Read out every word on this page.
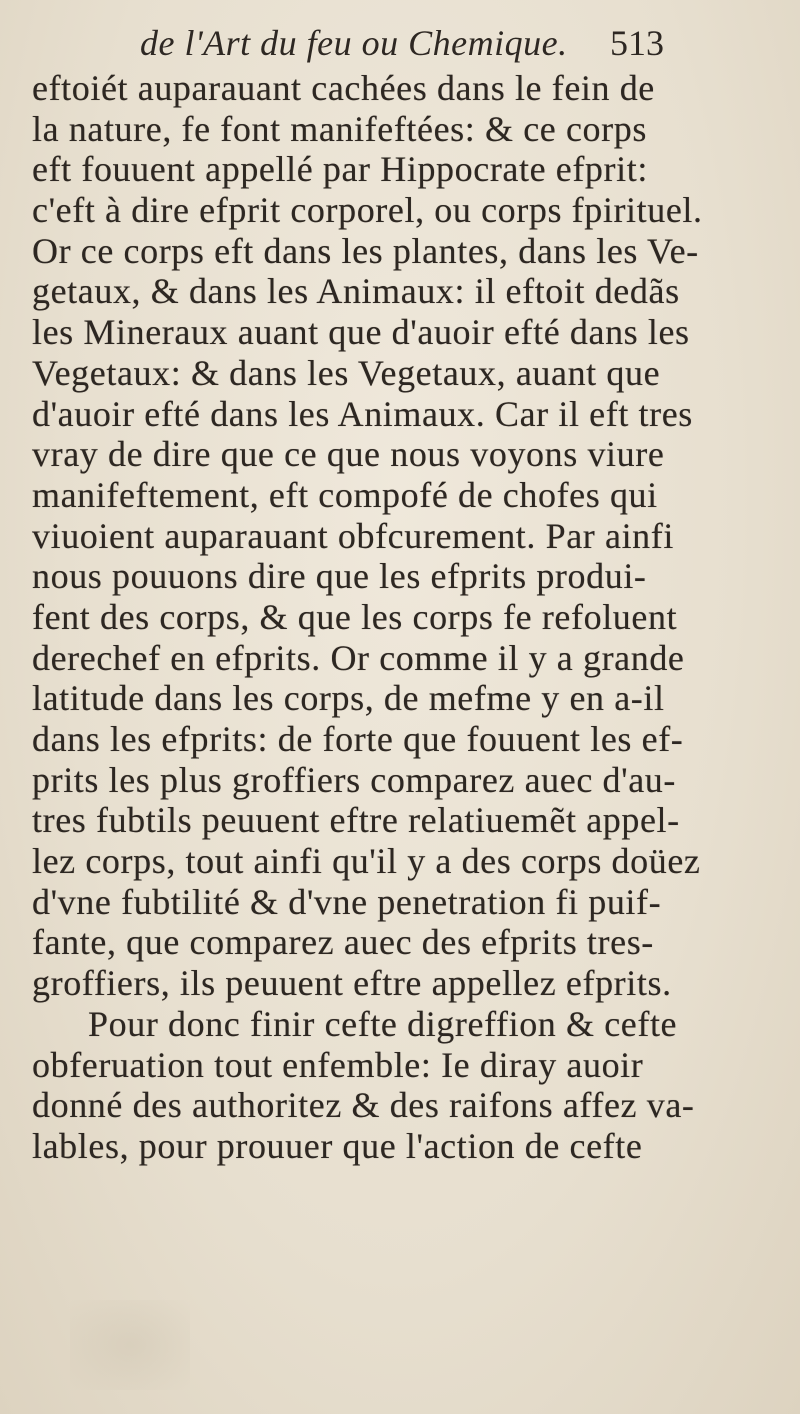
de l'Art du feu ou Chemique. 513
eftoiét auparauant cachées dans le fein de
la nature, fe font manifeftées: & ce corps
eft fouuent appellé par Hippocrate efprit:
c'eft à dire efprit corporel, ou corps fpirituel.
Or ce corps eft dans les plantes, dans les Ve-
getaux, & dans les Animaux: il eftoit dedãs
les Mineraux auant que d'auoir efté dans les
Vegetaux: & dans les Vegetaux, auant que
d'auoir efté dans les Animaux. Car il eft tres
vray de dire que ce que nous voyons viure
manifeftement, eft compofé de chofes qui
viuoient auparauant obfcurement. Par ainfi
nous pouuons dire que les efprits produi-
fent des corps, & que les corps fe refoluent
derechef en efprits. Or comme il y a grande
latitude dans les corps, de mefme y en a-il
dans les efprits: de forte que fouuent les ef-
prits les plus groffiers comparez auec d'au-
tres fubtils peuuent eftre relatiuemẽt appel-
lez corps, tout ainfi qu'il y a des corps doüez
d'vne fubtilité & d'vne penetration fi puif-
fante, que comparez auec des efprits tres-
groffiers, ils peuuent eftre appellez efprits.
Pour donc finir cefte digreffion & cefte
obferuation tout enfemble: Ie diray auoir
donné des authoritez & des raifons affez va-
lables, pour prouuer que l'action de cefte
